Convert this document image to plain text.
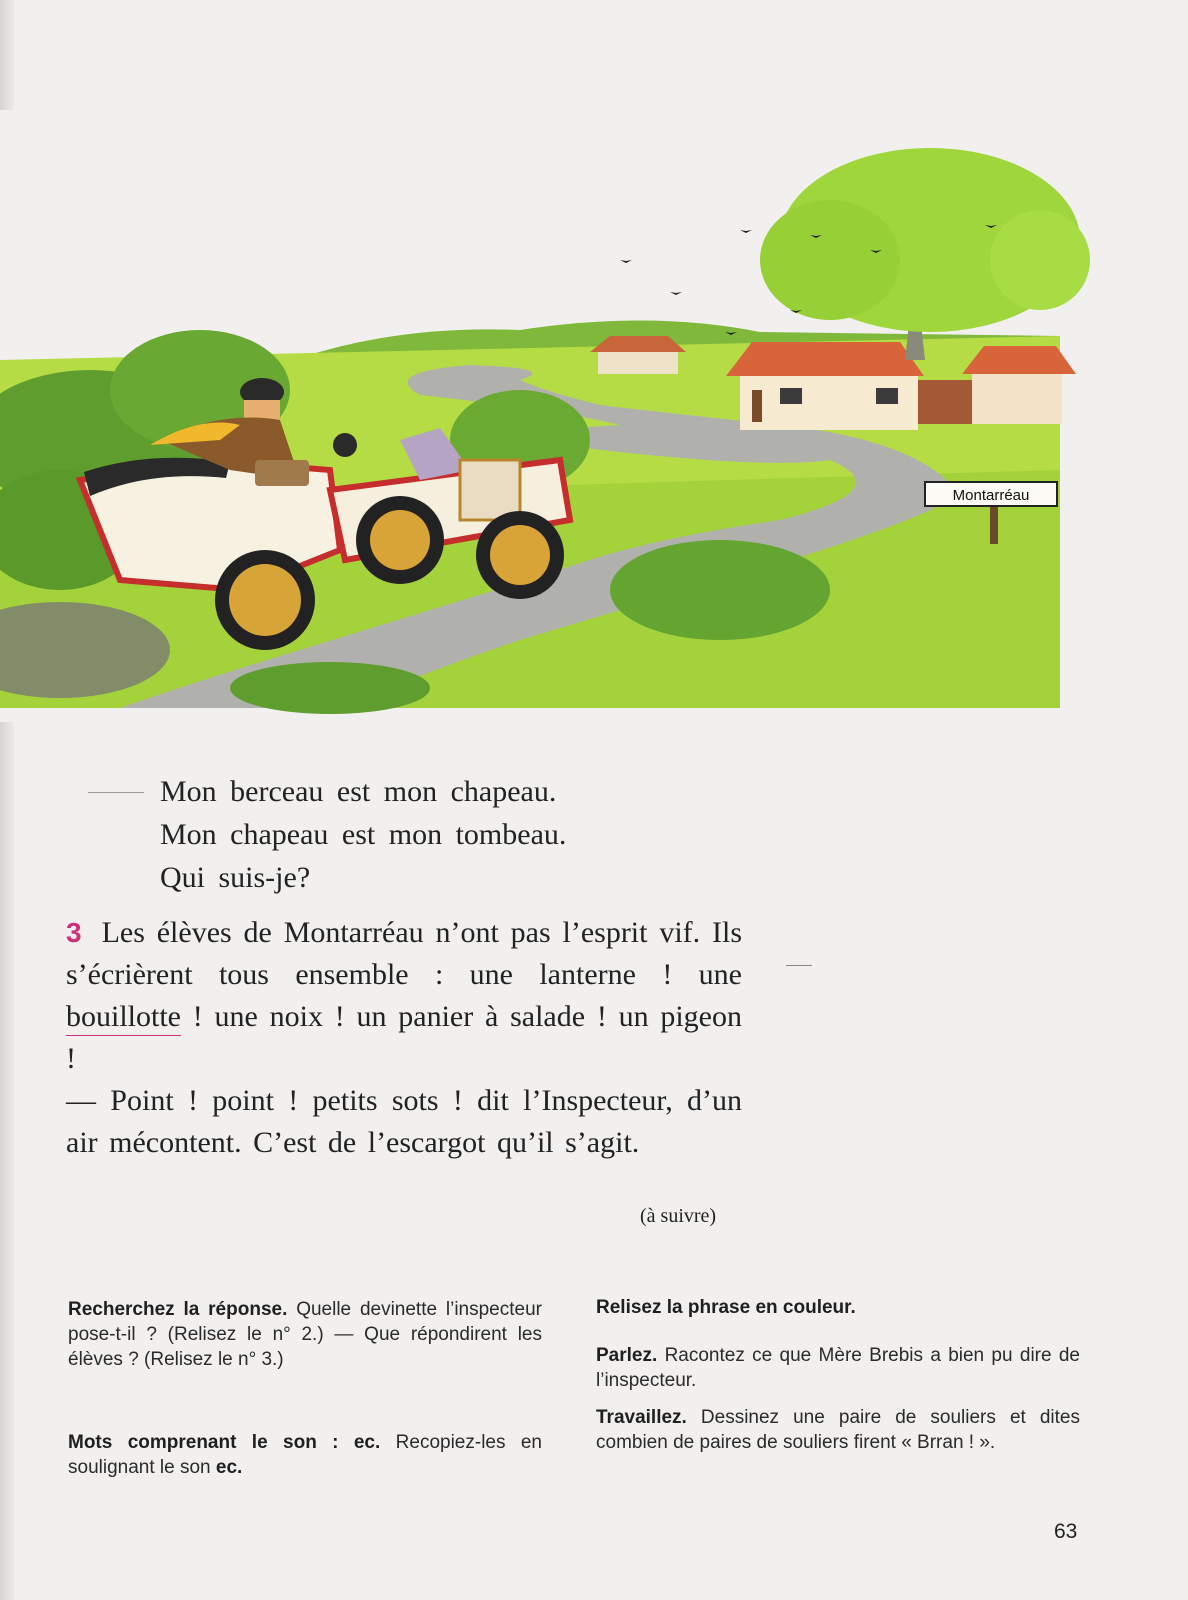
Montarréau
Mon berceau est mon chapeau.
Mon chapeau est mon tombeau.
Qui suis-je?
3 Les élèves de Montarréau n’ont pas l’esprit vif. Ils s’écrièrent tous ensemble : une lanterne ! une bouillotte ! une noix ! un panier à salade ! un pigeon !
— Point ! point ! petits sots ! dit l’Inspecteur, d’un air mécontent. C’est de l’escargot qu’il s’agit.
(à suivre)
Recherchez la réponse. Quelle devinette l’inspecteur pose-t-il ? (Relisez le n° 2.) — Que répondirent les élèves ? (Relisez le n° 3.)
Mots comprenant le son : ec. Recopiez-les en soulignant le son ec.
Relisez la phrase en couleur.
Parlez. Racontez ce que Mère Brebis a bien pu dire de l’inspecteur.
Travaillez. Dessinez une paire de souliers et dites combien de paires de souliers firent « Brran ! ».
63
